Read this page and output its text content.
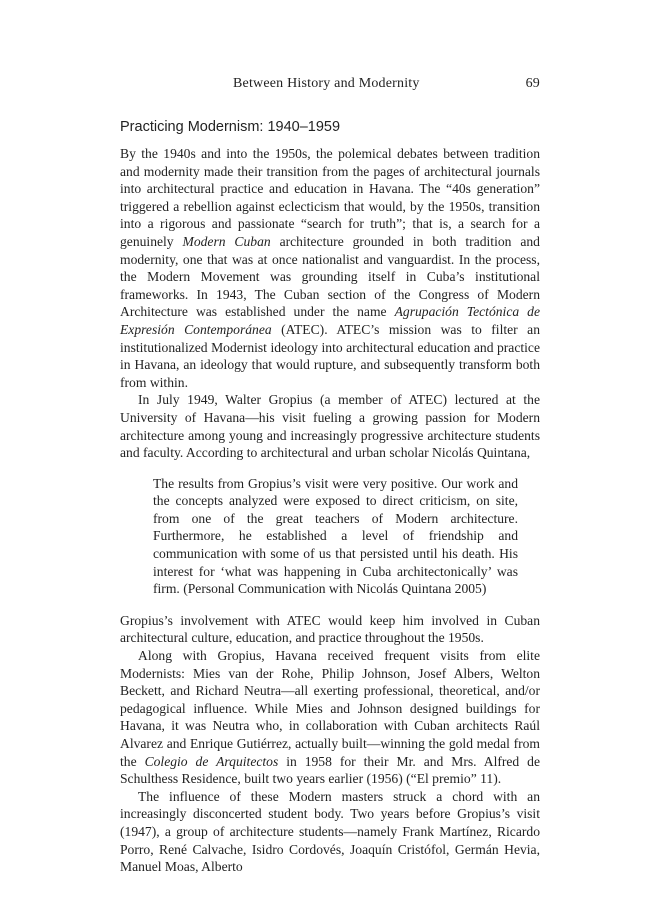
Between History and Modernity	69
Practicing Modernism: 1940–1959

By the 1940s and into the 1950s, the polemical debates between tradition and modernity made their transition from the pages of architectural journals into architectural practice and education in Havana. The “40s generation” triggered a rebellion against eclecticism that would, by the 1950s, transition into a rigorous and passionate “search for truth”; that is, a search for a genuinely Modern Cuban architecture grounded in both tradition and modernity, one that was at once nationalist and vanguardist. In the process, the Modern Movement was grounding itself in Cuba’s institutional frameworks. In 1943, The Cuban section of the Congress of Modern Architecture was established under the name Agrupación Tectónica de Expresión Contemporánea (ATEC). ATEC’s mission was to filter an institutionalized Modernist ideology into architectural education and practice in Havana, an ideology that would rupture, and subsequently transform both from within.

In July 1949, Walter Gropius (a member of ATEC) lectured at the University of Havana—his visit fueling a growing passion for Modern architecture among young and increasingly progressive architecture students and faculty. According to architectural and urban scholar Nicolás Quintana,

The results from Gropius’s visit were very positive. Our work and the concepts analyzed were exposed to direct criticism, on site, from one of the great teachers of Modern architecture. Furthermore, he established a level of friendship and communication with some of us that persisted until his death. His interest for ‘what was happening in Cuba architectonically’ was firm. (Personal Communication with Nicolás Quintana 2005)

Gropius’s involvement with ATEC would keep him involved in Cuban architectural culture, education, and practice throughout the 1950s.

Along with Gropius, Havana received frequent visits from elite Modernists: Mies van der Rohe, Philip Johnson, Josef Albers, Welton Beckett, and Richard Neutra—all exerting professional, theoretical, and/or pedagogical influence. While Mies and Johnson designed buildings for Havana, it was Neutra who, in collaboration with Cuban architects Raúl Alvarez and Enrique Gutiérrez, actually built—winning the gold medal from the Colegio de Arquitectos in 1958 for their Mr. and Mrs. Alfred de Schulthess Residence, built two years earlier (1956) (“El premio” 11).

The influence of these Modern masters struck a chord with an increasingly disconcerted student body. Two years before Gropius’s visit (1947), a group of architecture students—namely Frank Martínez, Ricardo Porro, René Calvache, Isidro Cordovés, Joaquín Cristófol, Germán Hevia, Manuel Moas, Alberto
